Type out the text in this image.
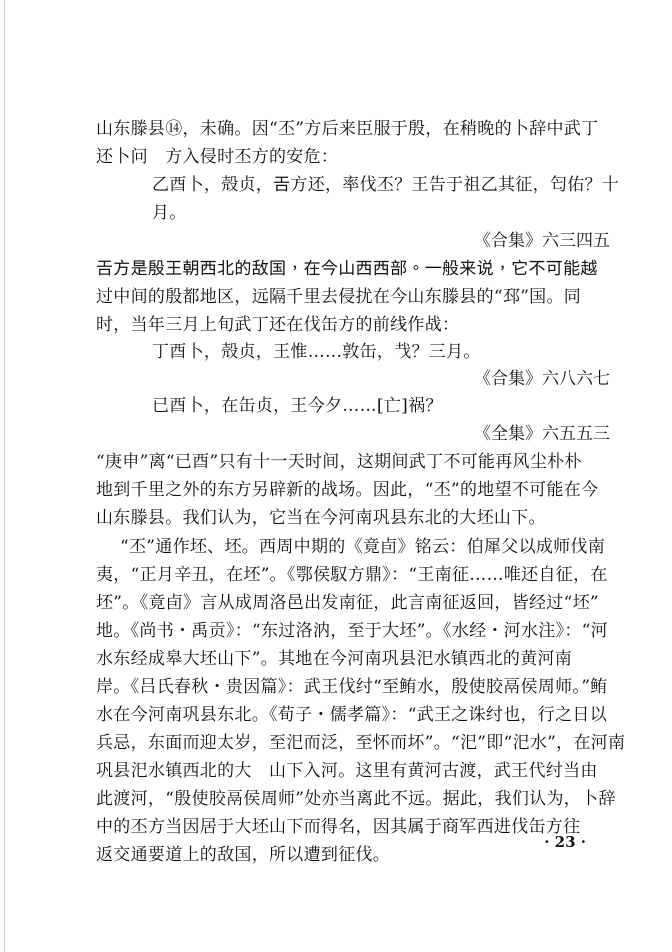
山东滕县⑭，未确。因“丕”方后来臣服于殷，在稍晚的卜辞中武丁
还卜问　方入侵时丕方的安危：
乙酉卜，殻贞，𢀛方还，率伐丕？王告于祖乙其征，匄佑？十
月。
《合集》六三四五
𢀛方是殷王朝西北的敌国，在今山西西部。一般来说，它不可能越
过中间的殷都地区，远隔千里去侵扰在今山东滕县的“邳”国。同
时，当年三月上旬武丁还在伐缶方的前线作战：
丁酉卜，殻贞，王惟……敦缶，𢦏？三月。
《合集》六八六七
已酉卜，在缶贞，王今夕……[亡]祸？
《全集》六五五三
“庚申”离“已酉”只有十一天时间，这期间武丁不可能再风尘朴朴
地到千里之外的东方另辟新的战场。因此，“丕”的地望不可能在今
山东滕县。我们认为，它当在今河南巩县东北的大坯山下。
“丕”通作坯、坯。西周中期的《竟卣》铭云：伯犀父以成师伐南
夷，“正月辛丑，在坯”。《鄂侯馭方鼎》：“王南征……唯还自征，在
坯”。《竟卣》言从成周洛邑出发南征，此言南征返回，皆经过“坯”
地。《尚书・禹贡》：“东过洛汭，至于大坯”。《水经・河水注》：“河
水东经成皋大坯山下”。其地在今河南巩县汜水镇西北的黄河南
岸。《吕氏春秋・贵因篇》：武王伐纣“至鲔水，殷使胶鬲侯周师。”鲔
水在今河南巩县东北。《荀子・儒孝篇》：“武王之诛纣也，行之日以
兵忌，东面而迎太岁，至汜而泛，至怀而坏”。“汜”即“汜水”，在河南
巩县汜水镇西北的大　山下入河。这里有黄河古渡，武王代纣当由
此渡河，“殷使胶鬲侯周师”处亦当离此不远。据此，我们认为，卜辞
中的丕方当因居于大坯山下而得名，因其属于商军西进伐缶方往
返交通要道上的敌国，所以遭到征伐。
· 23 ·
